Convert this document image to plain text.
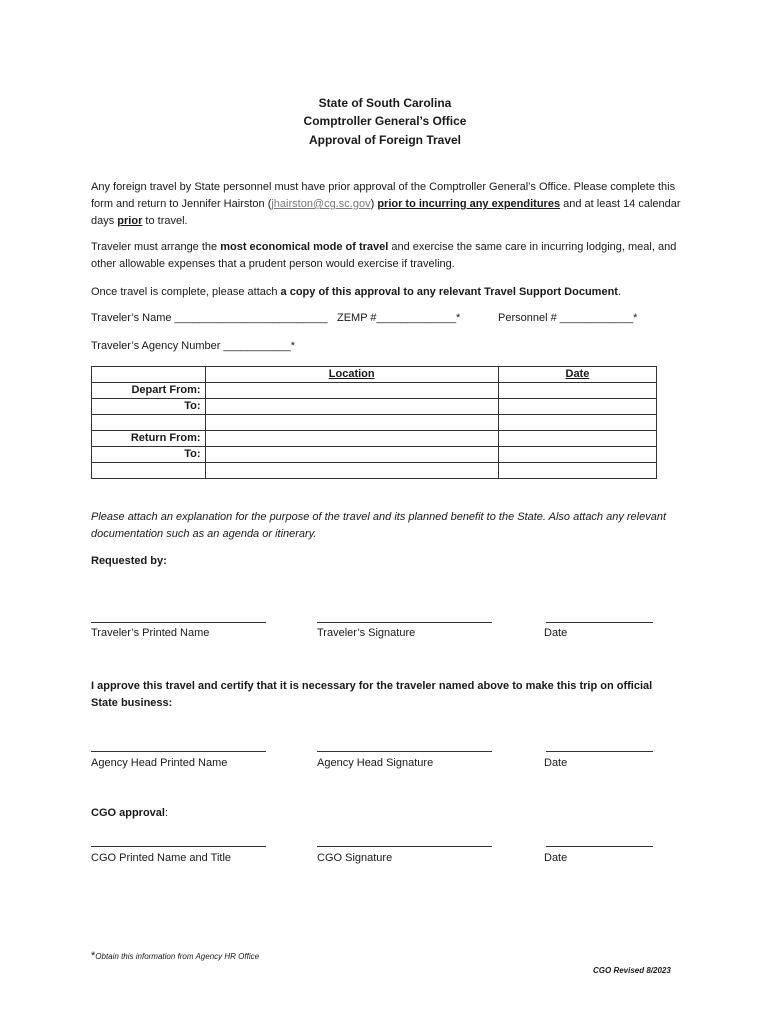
State of South Carolina
Comptroller General’s Office
Approval of Foreign Travel
Any foreign travel by State personnel must have prior approval of the Comptroller General’s Office. Please complete this form and return to Jennifer Hairston (jhairston@cg.sc.gov) prior to incurring any expenditures and at least 14 calendar days prior to travel.
Traveler must arrange the most economical mode of travel and exercise the same care in incurring lodging, meal, and other allowable expenses that a prudent person would exercise if traveling.
Once travel is complete, please attach a copy of this approval to any relevant Travel Support Document.
Traveler’s Name _________________________ ZEMP #_____________*	Personnel # ____________*
Traveler’s Agency Number ___________*
	Location	Date
Depart From:		
To:		

Return From:		
To:		

Please attach an explanation for the purpose of the travel and its planned benefit to the State. Also attach any relevant documentation such as an agenda or itinerary.
Requested by:
Traveler’s Printed Name	Traveler’s Signature	Date
I approve this travel and certify that it is necessary for the traveler named above to make this trip on official State business:
Agency Head Printed Name	Agency Head Signature	Date
CGO approval:
CGO Printed Name and Title	CGO Signature	Date
*Obtain this information from Agency HR Office
CGO Revised 8/2023
